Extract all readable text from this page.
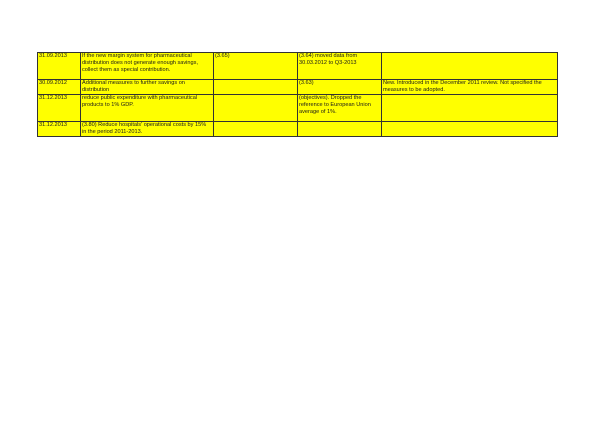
31.09.2013	If the new margin system for pharmaceutical distribution does not generate enough savings, collect them as special contribution.	(3.65)	(3.64) moved data from 30.03.2012 to Q3-2013	
30.09.2012	Additional measures to further savings on distribution		(3.63)	New. Introduced in the December 2011 review. Not specified the measures to be adopted.
31.12.2013	reduce public expenditure with pharmaceutical products to 1% GDP.		(objectives). Dropped the reference to European Union average of 1%.	
31.12.2013	(3.80) Reduce hospitals' operational costs by 15% in the period 2011-2013.			
